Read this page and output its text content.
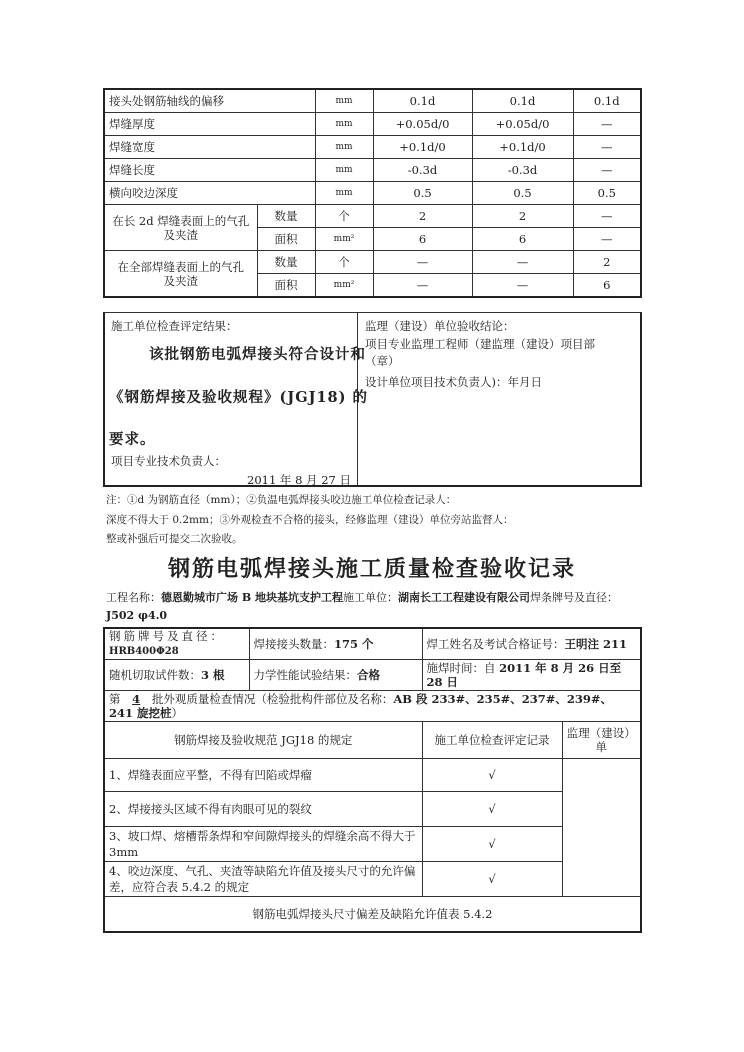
接头处钢筋轴线的偏移		mm	0.1d	0.1d	0.1d
焊缝厚度		mm	+0.05d/0	+0.05d/0	—
焊缝宽度		mm	+0.1d/0	+0.1d/0	—
焊缝长度		mm	-0.3d	-0.3d	—
横向咬边深度		mm	0.5	0.5	0.5
在长 2d 焊缝表面上的气孔
及夹渣	数量	个	2	2	—
	面积	mm²	6	6	—
在全部焊缝表面上的气孔
及夹渣	数量	个	—	—	2
	面积	mm²	—	—	6
施工单位检查评定结果：
该批钢筋电弧焊接头符合设计和
《钢筋焊接及验收规程》(JGJ18) 的
要求。
项目专业技术负责人：
2011 年 8 月 27 日
监理（建设）单位验收结论：
项目专业监理工程师（建监理（建设）项目部
（章）
设计单位项目技术负责人)：年月日
注：①d 为钢筋直径（mm）；②负温电弧焊接头咬边施工单位检查记录人：
深度不得大于 0.2mm；③外观检查不合格的接头，经修监理（建设）单位旁站监督人：
整或补强后可提交二次验收。
钢筋电弧焊接头施工质量检查验收记录
工程名称：德恩勤城市广场 B 地块基坑支护工程施工单位：湖南长工工程建设有限公司焊条牌号及直径：
J502 φ4.0
钢筋牌号及直径：
HRB400Φ28	焊接接头数量：175 个	焊工姓名及考试合格证号：王明注 211	
随机切取试件数：3 根	力学性能试验结果：合格	施焊时间：自 2011 年 8 月 26 日至 28 日	
第 4 批外观质量检查情况（检验批构件部位及名称：AB 段 233#、235#、237#、239#、241 旋挖桩）			
钢筋焊接及验收规范 JGJ18 的规定		施工单位检查评定记录	监理（建设）单
1、焊缝表面应平整，不得有凹陷或焊瘤		√	
2、焊接接头区域不得有肉眼可见的裂纹		√	
3、坡口焊、熔槽帮条焊和窄间隙焊接头的焊缝余高不得大于 3mm		√	
4、咬边深度、气孔、夹渣等缺陷允许值及接头尺寸的允许偏差，应符合表 5.4.2 的规定		√	
钢筋电弧焊接头尺寸偏差及缺陷允许值表 5.4.2			
